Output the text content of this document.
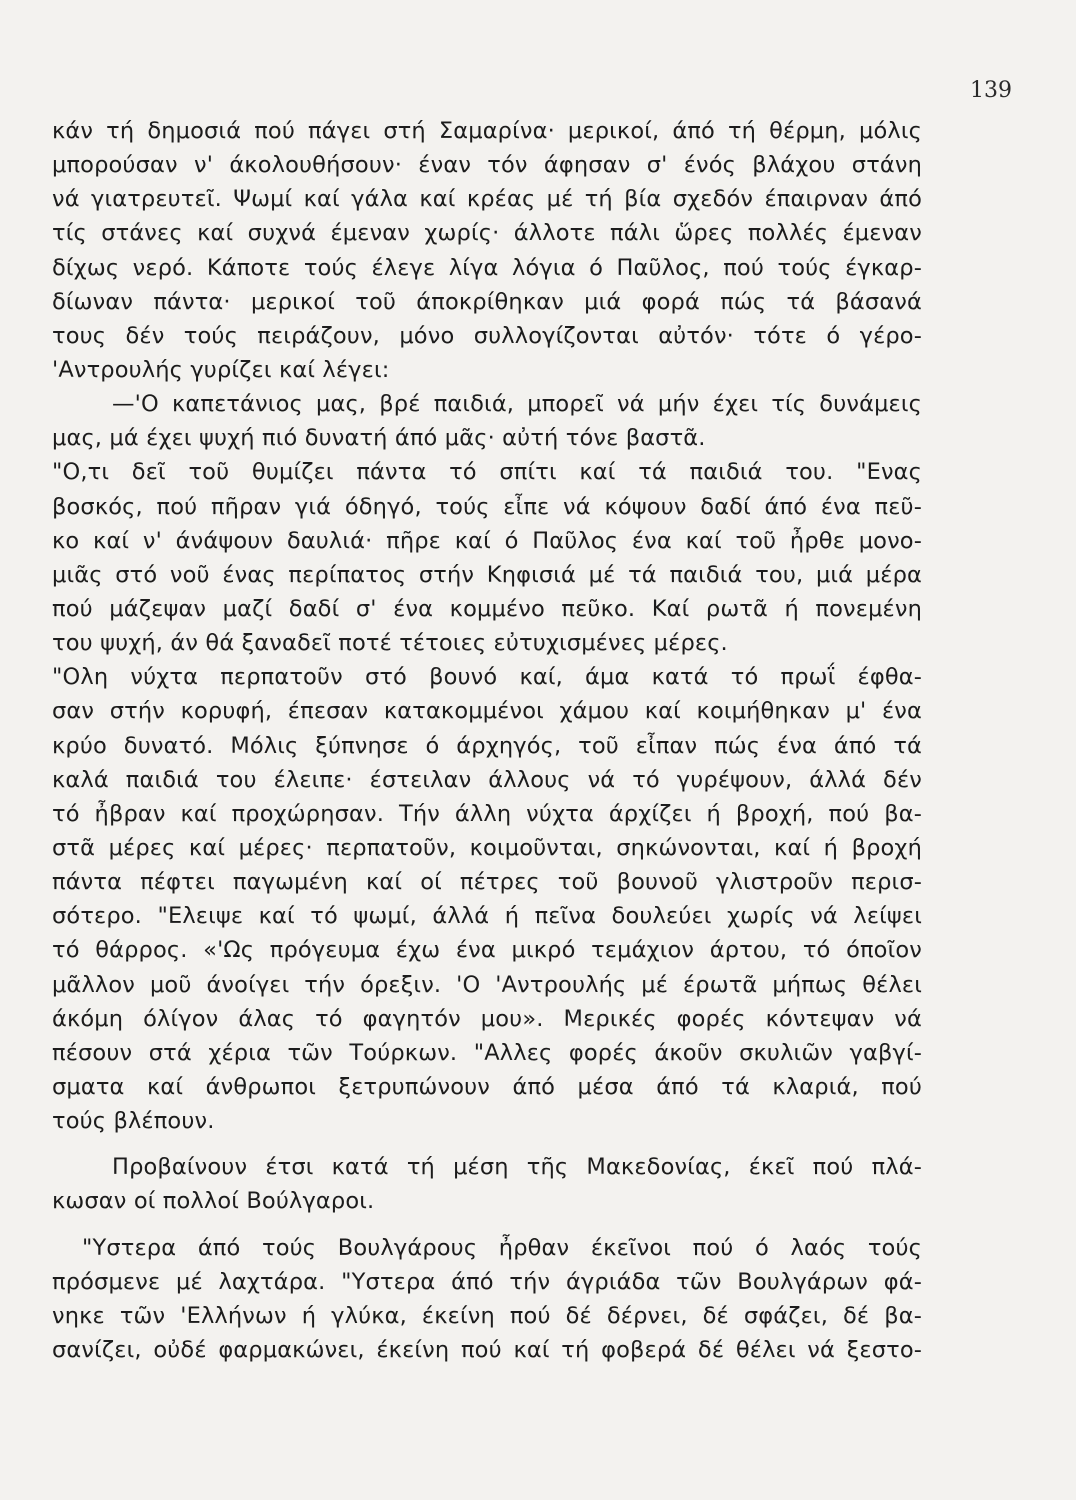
139
κάν τή δημοσιά πού πάγει στή Σαμαρίνα· μερικοί, άπό τή θέρμη, μόλις
μπορούσαν ν' άκολουθήσουν· έναν τόν άφησαν σ' ένός βλάχου στάνη
νά γιατρευτεῖ. Ψωμί καί γάλα καί κρέας μέ τή βία σχεδόν έπαιρναν άπό
τίς στάνες καί συχνά έμεναν χωρίς· άλλοτε πάλι ὥρες πολλές έμεναν
δίχως νερό. Κάποτε τούς έλεγε λίγα λόγια ό Παῦλος, πού τούς έγκαρ-
δίωναν πάντα· μερικοί τοῦ άποκρίθηκαν μιά φορά πώς τά βάσανά
τους δέν τούς πειράζουν, μόνο συλλογίζονται αὐτόν· τότε ό γέρο-
'Αντρουλής γυρίζει καί λέγει:
—'Ο καπετάνιος μας, βρέ παιδιά, μπορεῖ νά μήν έχει τίς δυνάμεις
μας, μά έχει ψυχή πιό δυνατή άπό μᾶς· αὐτή τόνε βαστᾶ.
"Ο,τι δεῖ τοῦ θυμίζει πάντα τό σπίτι καί τά παιδιά του. "Ενας
βοσκός, πού πῆραν γιά όδηγό, τούς εἶπε νά κόψουν δαδί άπό ένα πεῦ-
κο καί ν' άνάψουν δαυλιά· πῆρε καί ό Παῦλος ένα καί τοῦ ἦρθε μονο-
μιᾶς στό νοῦ ένας περίπατος στήν Κηφισιά μέ τά παιδιά του, μιά μέρα
πού μάζεψαν μαζί δαδί σ' ένα κομμένο πεῦκο. Καί ρωτᾶ ή πονεμένη
του ψυχή, άν θά ξαναδεῖ ποτέ τέτοιες εὐτυχισμένες μέρες.
"Ολη νύχτα περπατοῦν στό βουνό καί, άμα κατά τό πρωΐ έφθα-
σαν στήν κορυφή, έπεσαν κατακομμένοι χάμου καί κοιμήθηκαν μ' ένα
κρύο δυνατό. Μόλις ξύπνησε ό άρχηγός, τοῦ εἶπαν πώς ένα άπό τά
καλά παιδιά του έλειπε· έστειλαν άλλους νά τό γυρέψουν, άλλά δέν
τό ἦβραν καί προχώρησαν. Τήν άλλη νύχτα άρχίζει ή βροχή, πού βα-
στᾶ μέρες καί μέρες· περπατοῦν, κοιμοῦνται, σηκώνονται, καί ή βροχή
πάντα πέφτει παγωμένη καί οί πέτρες τοῦ βουνοῦ γλιστροῦν περισ-
σότερο. "Ελειψε καί τό ψωμί, άλλά ή πεῖνα δουλεύει χωρίς νά λείψει
τό θάρρος. «'Ως πρόγευμα έχω ένα μικρό τεμάχιον άρτου, τό όποῖον
μᾶλλον μοῦ άνοίγει τήν όρεξιν. 'Ο 'Αντρουλής μέ έρωτᾶ μήπως θέλει
άκόμη όλίγον άλας τό φαγητόν μου». Μερικές φορές κόντεψαν νά
πέσουν στά χέρια τῶν Τούρκων. "Αλλες φορές άκοῦν σκυλιῶν γαβγί-
σματα καί άνθρωποι ξετρυπώνουν άπό μέσα άπό τά κλαριά, πού
τούς βλέπουν.
Προβαίνουν έτσι κατά τή μέση τῆς Μακεδονίας, έκεῖ πού πλά-
κωσαν οί πολλοί Βούλγαροι.
"Υστερα άπό τούς Βουλγάρους ἦρθαν έκεῖνοι πού ό λαός τούς
πρόσμενε μέ λαχτάρα. "Υστερα άπό τήν άγριάδα τῶν Βουλγάρων φά-
νηκε τῶν 'Ελλήνων ή γλύκα, έκείνη πού δέ δέρνει, δέ σφάζει, δέ βα-
σανίζει, οὐδέ φαρμακώνει, έκείνη πού καί τή φοβερά δέ θέλει νά ξεστο-
